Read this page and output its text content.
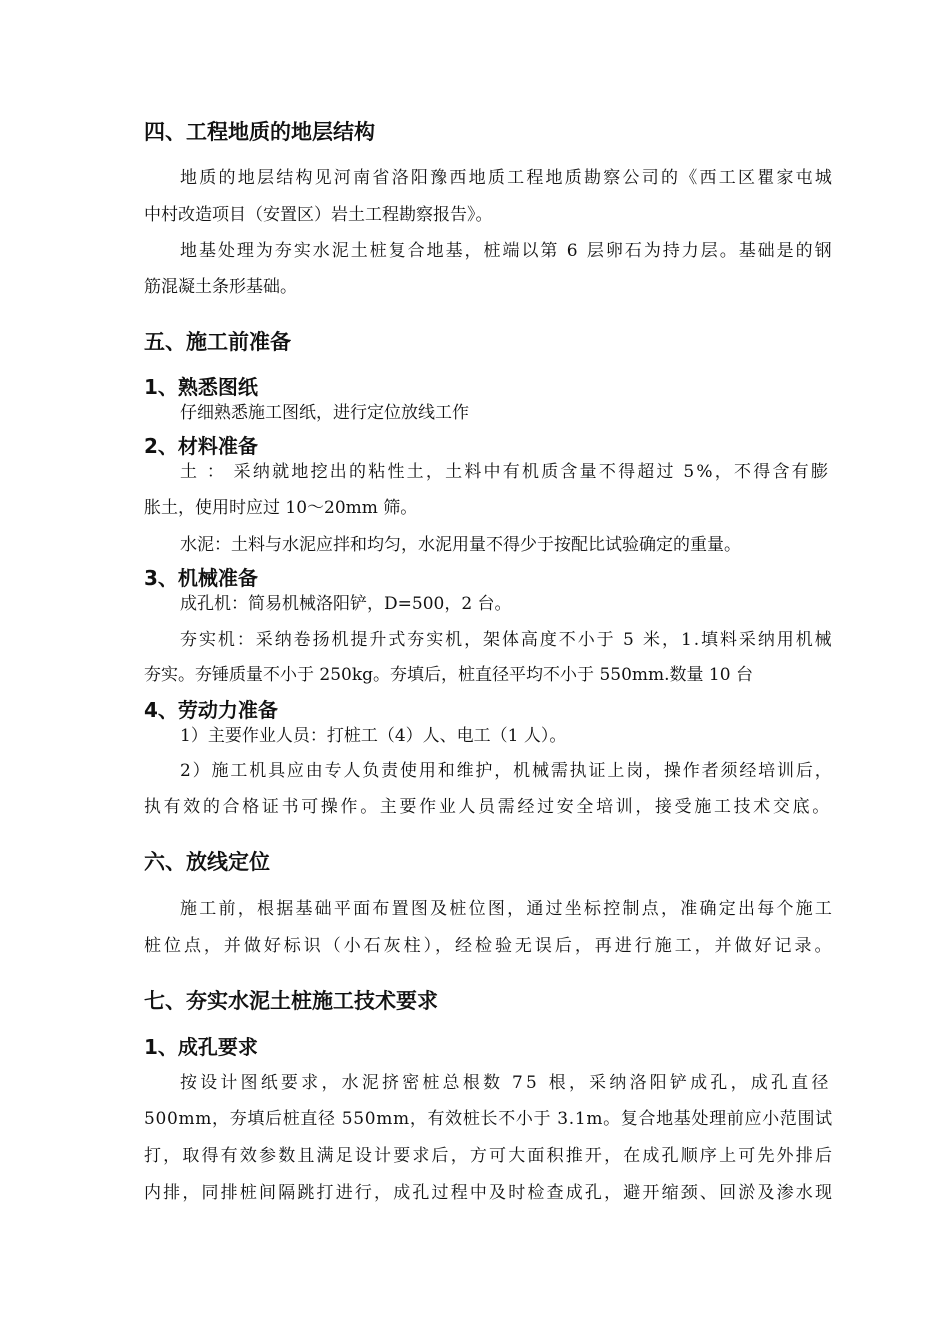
四、工程地质的地层结构
地质的地层结构见河南省洛阳豫西地质工程地质勘察公司的《西工区瞿家屯城
中村改造项目（安置区）岩土工程勘察报告》。
地基处理为夯实水泥土桩复合地基，桩端以第 6 层卵石为持力层。基础是的钢
筋混凝土条形基础。
五、施工前准备
1、熟悉图纸
仔细熟悉施工图纸，进行定位放线工作
2、材料准备
土 ： 采纳就地挖出的粘性土，土料中有机质含量不得超过 5%，不得含有膨
胀土，使用时应过 10～20mm 筛。
水泥：土料与水泥应拌和均匀，水泥用量不得少于按配比试验确定的重量。
3、机械准备
成孔机：简易机械洛阳铲，D=500，2 台。
夯实机：采纳卷扬机提升式夯实机，架体高度不小于 5 米，1.填料采纳用机械
夯实。夯锤质量不小于 250kg。夯填后，桩直径平均不小于 550mm.数量 10 台
4、劳动力准备
1）主要作业人员：打桩工（4）人、电工（1 人）。
2）施工机具应由专人负责使用和维护，机械需执证上岗，操作者须经培训后，
执有效的合格证书可操作。主要作业人员需经过安全培训，接受施工技术交底。
六、放线定位
施工前，根据基础平面布置图及桩位图，通过坐标控制点，准确定出每个施工
桩位点，并做好标识（小石灰柱），经检验无误后，再进行施工，并做好记录。
七、夯实水泥土桩施工技术要求
1、成孔要求
按设计图纸要求，水泥挤密桩总根数 75 根，采纳洛阳铲成孔，成孔直径
500mm，夯填后桩直径 550mm，有效桩长不小于 3.1m。复合地基处理前应小范围试
打，取得有效参数且满足设计要求后，方可大面积推开，在成孔顺序上可先外排后
内排，同排桩间隔跳打进行，成孔过程中及时检查成孔，避开缩颈、回淤及渗水现
